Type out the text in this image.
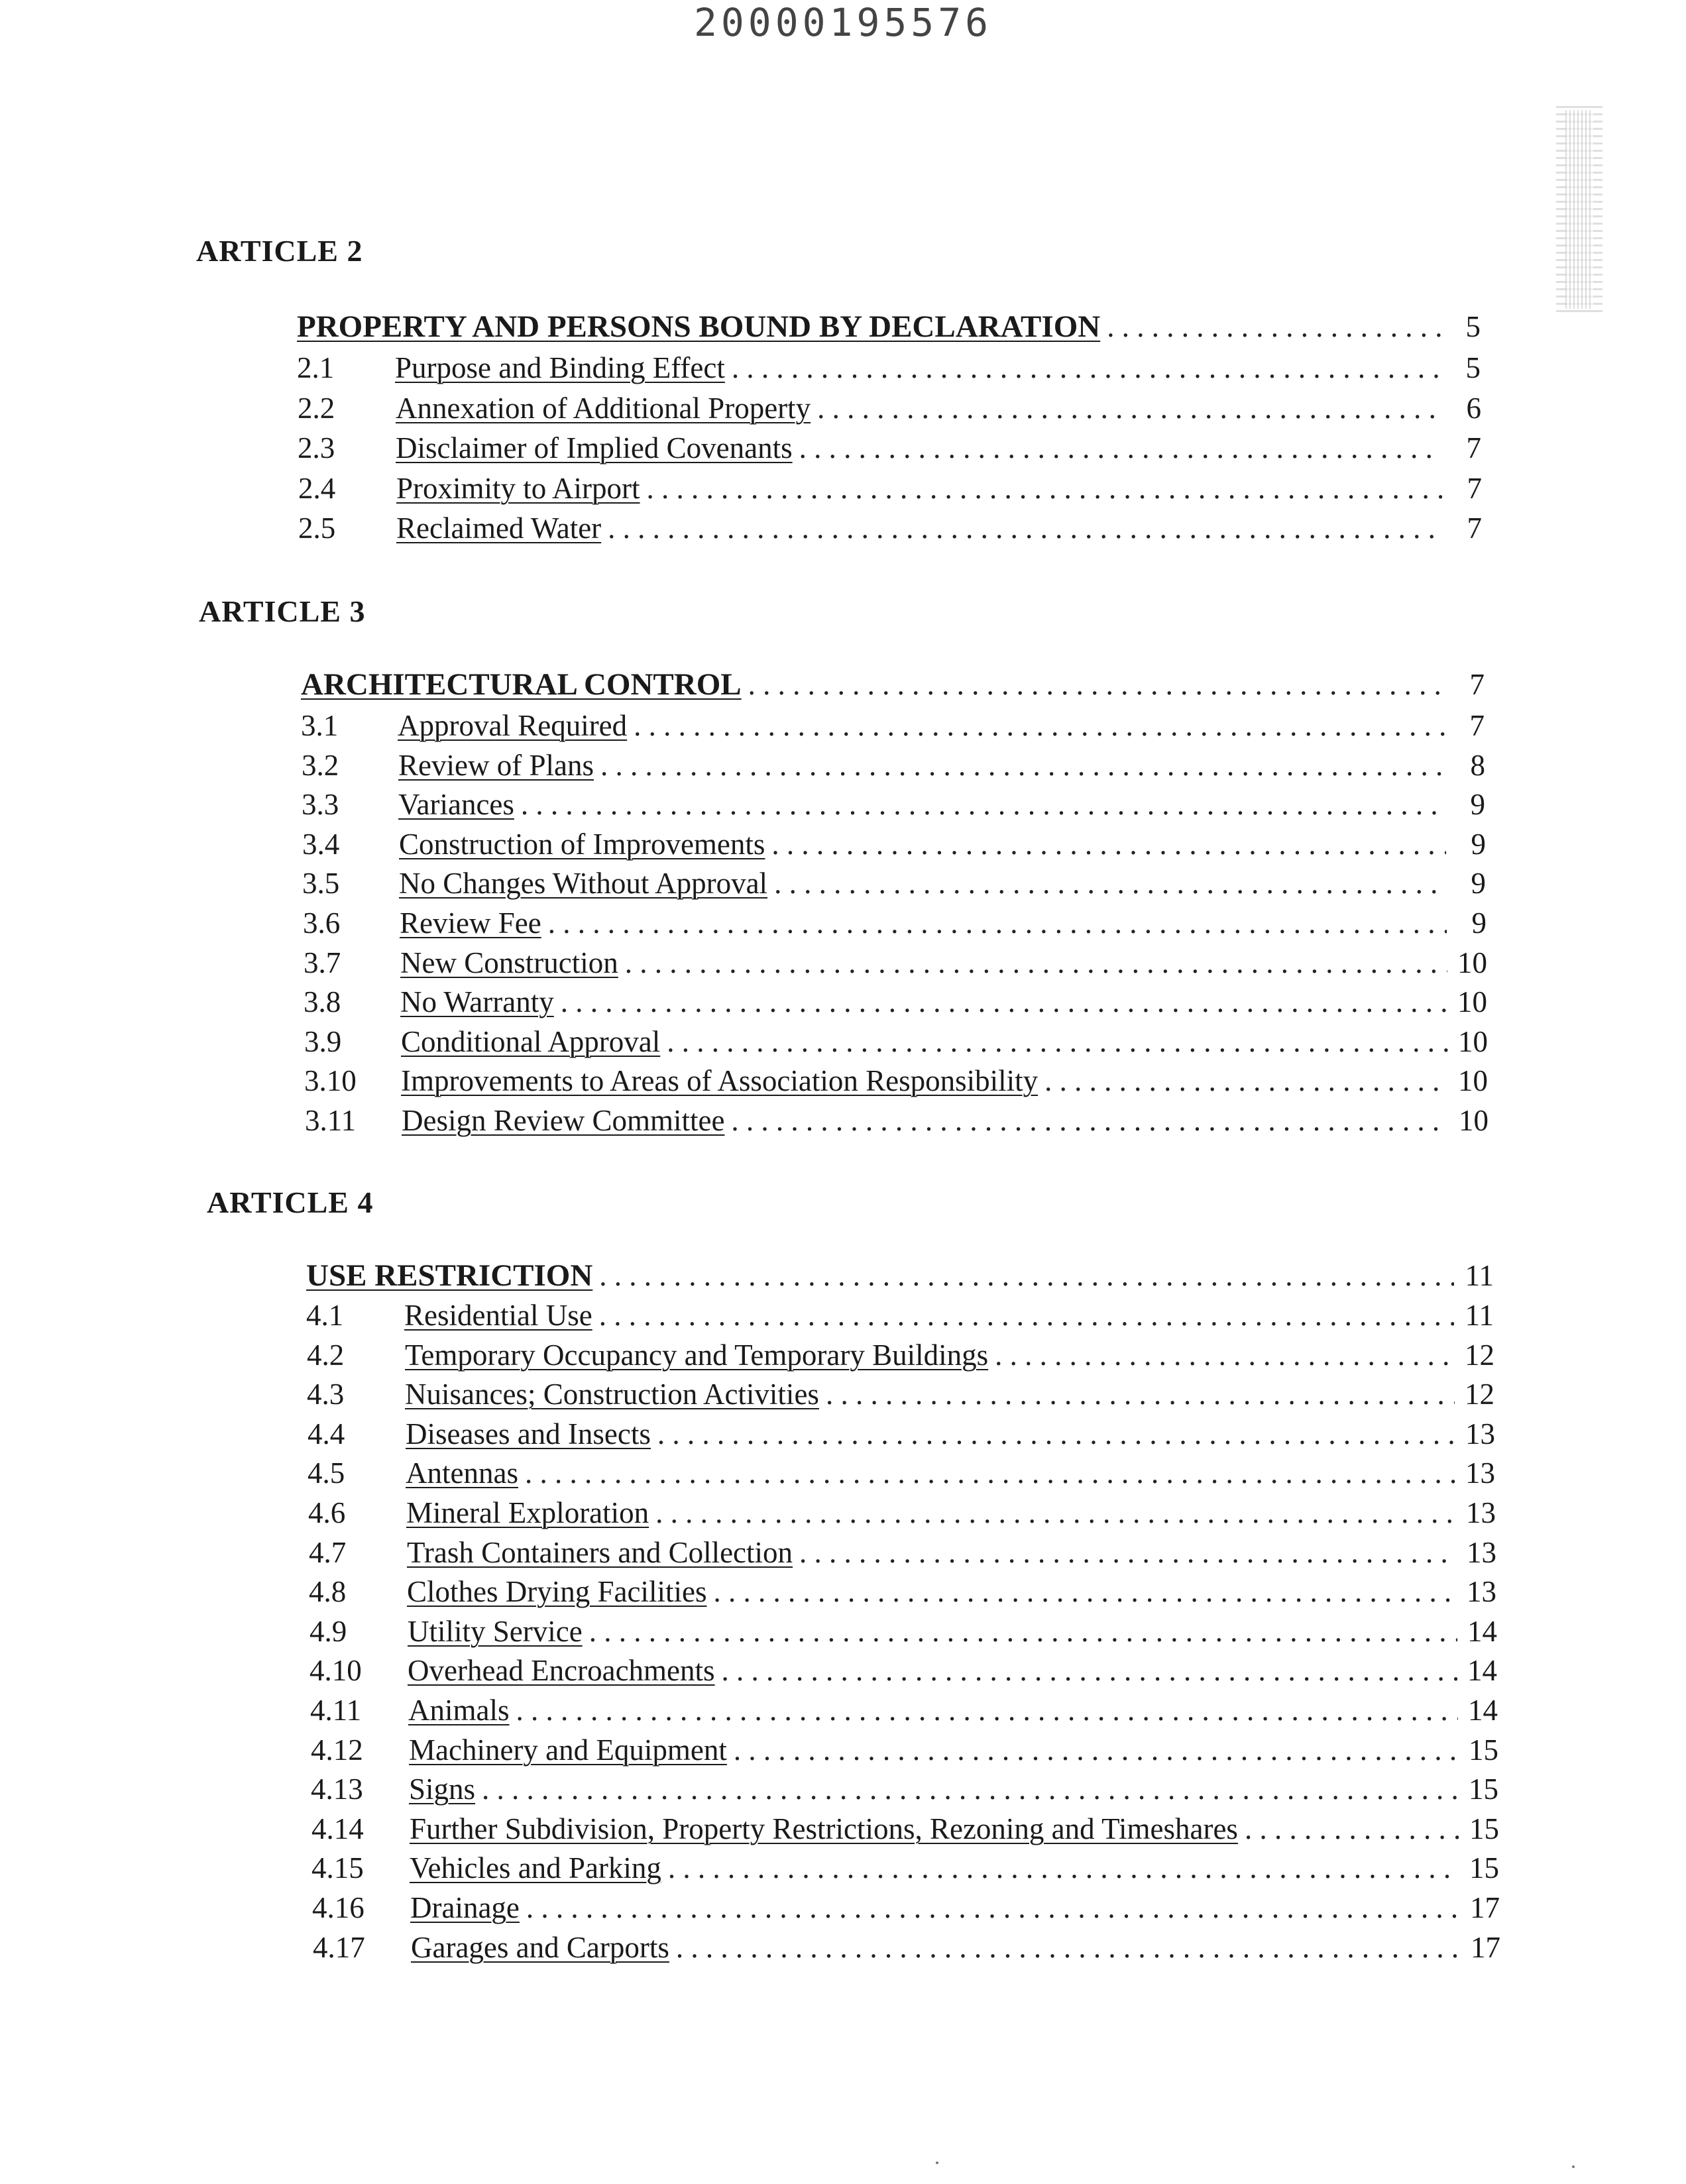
20000195576
ARTICLE 2
PROPERTY AND PERSONS BOUND BY DECLARATION . . .	5
2.1 Purpose and Binding Effect . . .	5
2.2 Annexation of Additional Property . . .	6
2.3 Disclaimer of Implied Covenants . . .	7
2.4 Proximity to Airport . . .	7
2.5 Reclaimed Water . . .	7
ARTICLE 3
ARCHITECTURAL CONTROL . . .	7
3.1 Approval Required . . .	7
3.2 Review of Plans . . .	8
3.3 Variances . . .	9
3.4 Construction of Improvements . . .	9
3.5 No Changes Without Approval . . .	9
3.6 Review Fee . . .	9
3.7 New Construction . . .	10
3.8 No Warranty . . .	10
3.9 Conditional Approval . . .	10
3.10 Improvements to Areas of Association Responsibility . . .	10
3.11 Design Review Committee . . .	10
ARTICLE 4
USE RESTRICTION . . .	11
4.1 Residential Use . . .	11
4.2 Temporary Occupancy and Temporary Buildings . . .	12
4.3 Nuisances; Construction Activities . . .	12
4.4 Diseases and Insects . . .	13
4.5 Antennas . . .	13
4.6 Mineral Exploration . . .	13
4.7 Trash Containers and Collection . . .	13
4.8 Clothes Drying Facilities . . .	13
4.9 Utility Service . . .	14
4.10 Overhead Encroachments . . .	14
4.11 Animals . . .	14
4.12 Machinery and Equipment . . .	15
4.13 Signs . . .	15
4.14 Further Subdivision, Property Restrictions, Rezoning and Timeshares . . .	15
4.15 Vehicles and Parking . . .	15
4.16 Drainage . . .	17
4.17 Garages and Carports . . .	17
